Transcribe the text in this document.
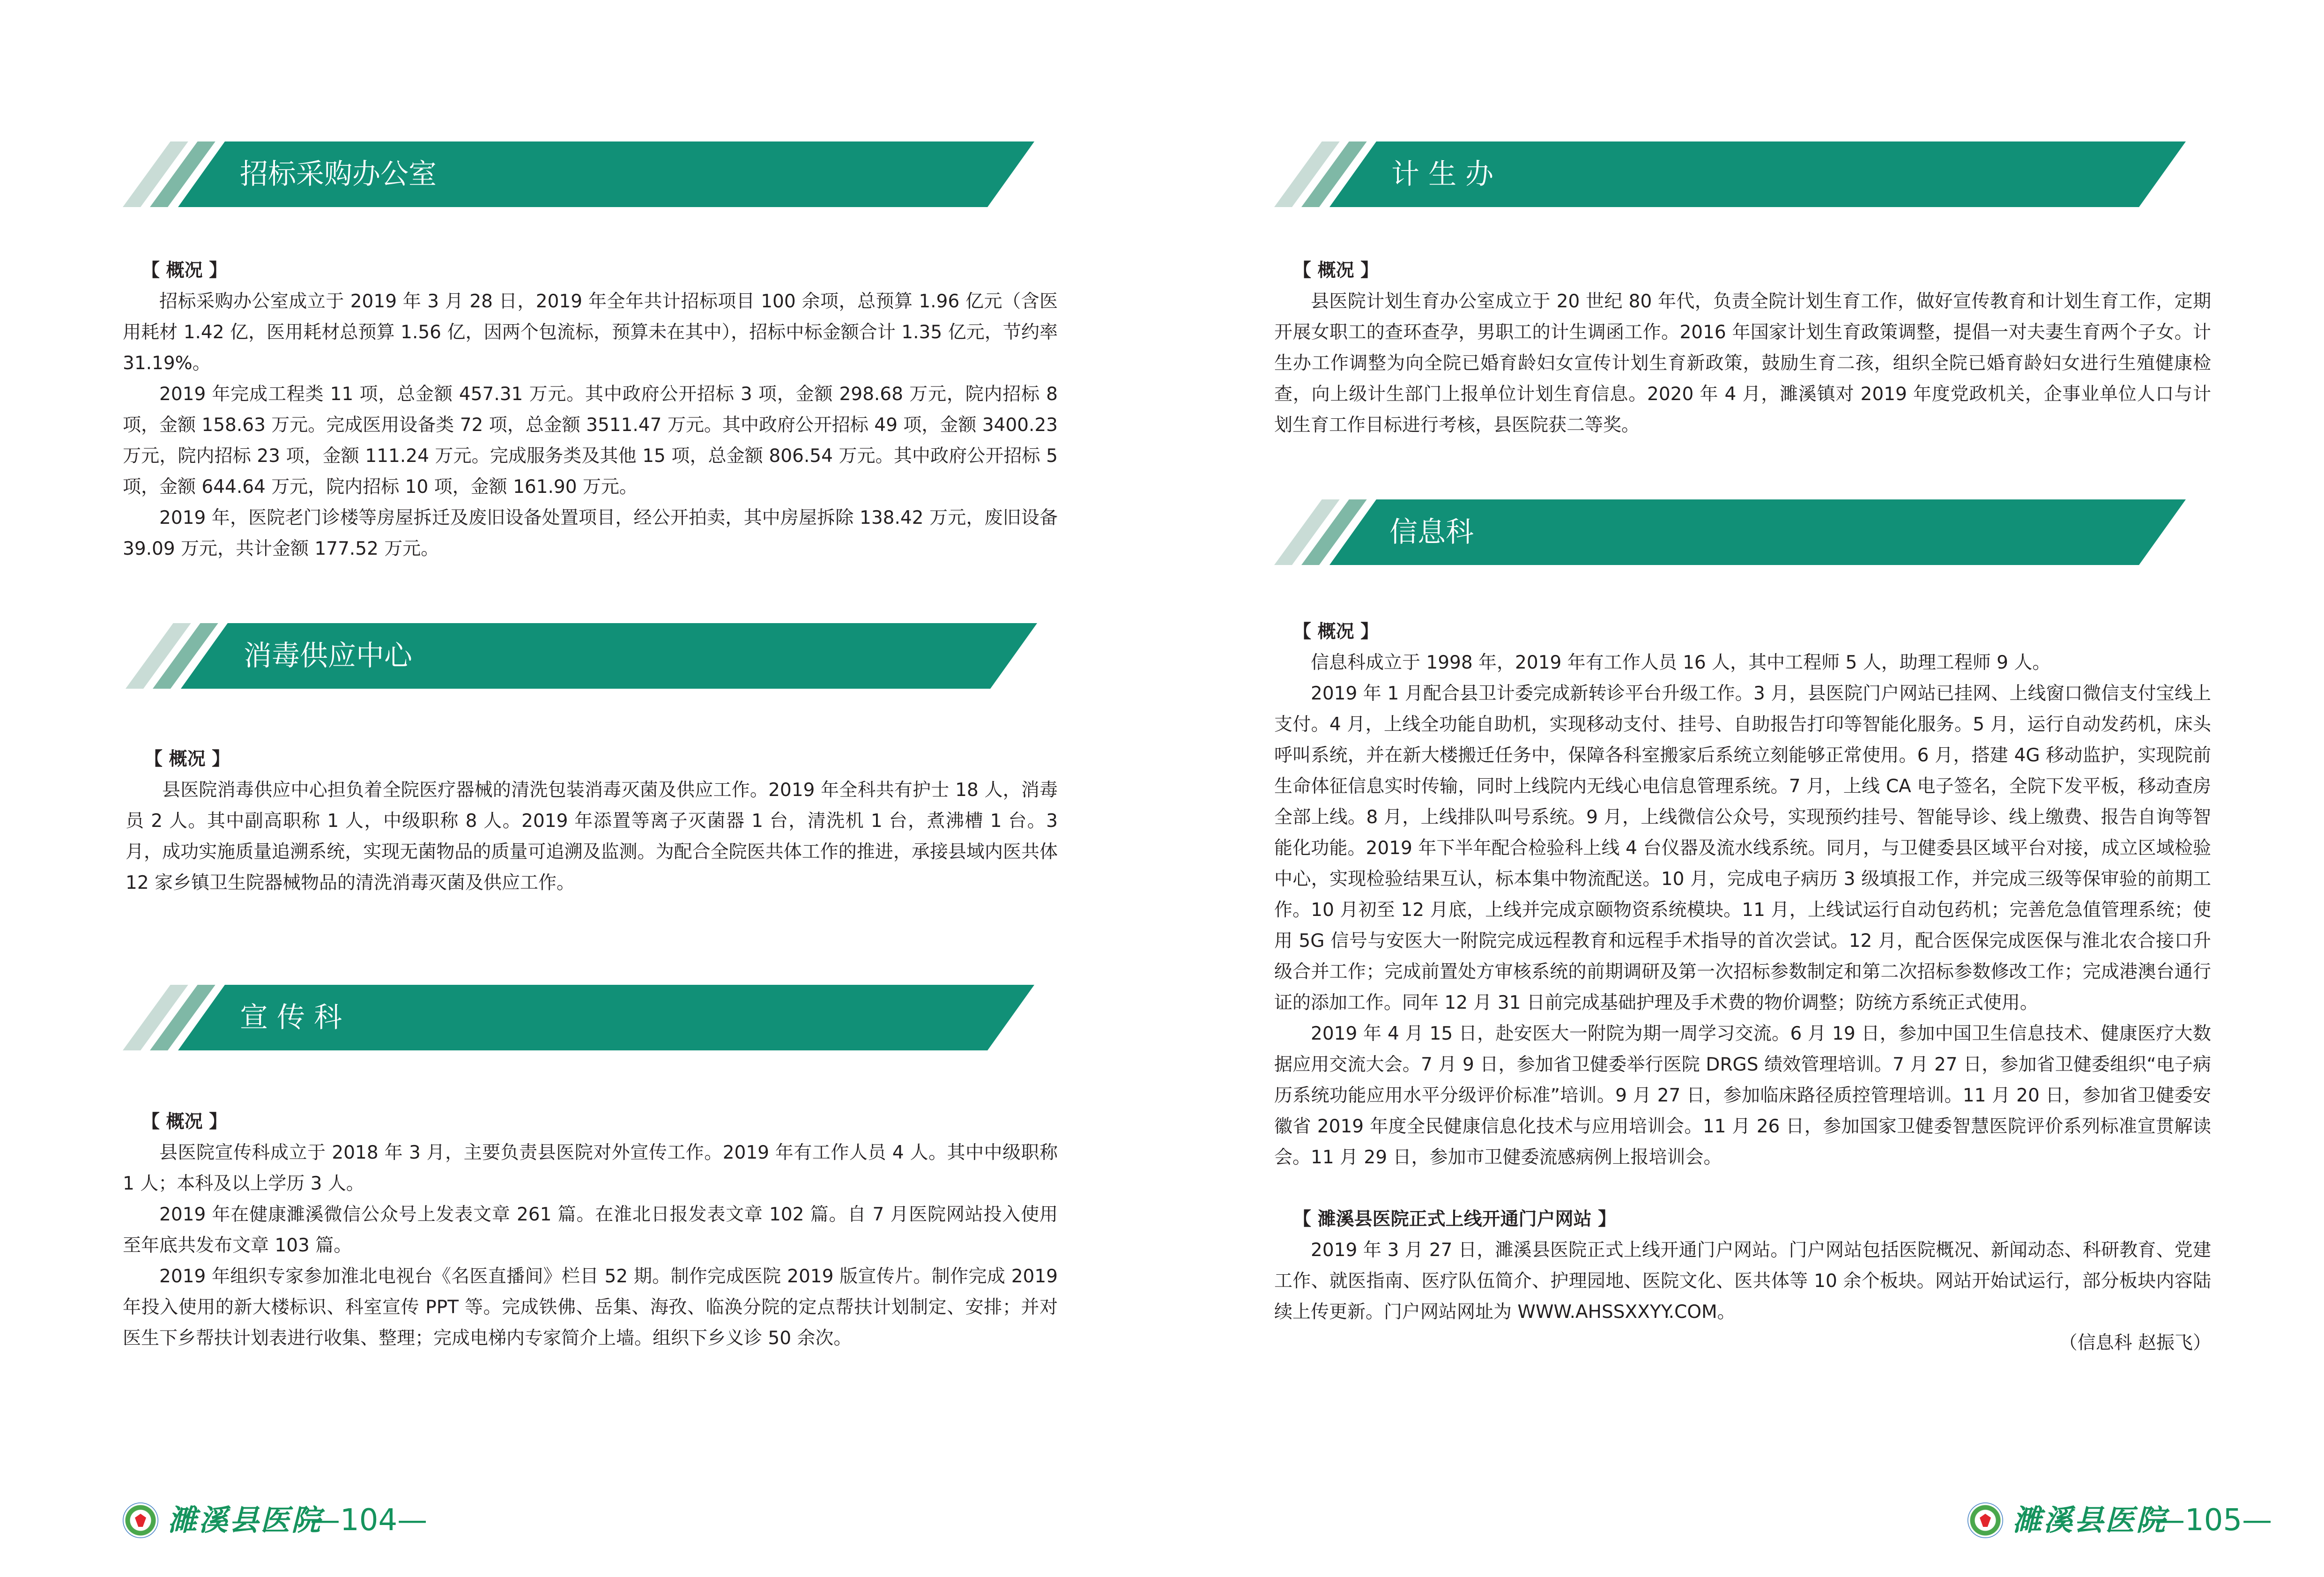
招标采购办公室

【 概况 】

招标采购办公室成立于 2019 年 3 月 28 日，2019 年全年共计招标项目 100 余项，总预算 1.96 亿元（含医用耗材 1.42 亿，医用耗材总预算 1.56 亿，因两个包流标，预算未在其中），招标中标金额合计 1.35 亿元，节约率 31.19%。

2019 年完成工程类 11 项，总金额 457.31 万元。其中政府公开招标 3 项，金额 298.68 万元，院内招标 8 项，金额 158.63 万元。完成医用设备类 72 项，总金额 3511.47 万元。其中政府公开招标 49 项，金额 3400.23 万元，院内招标 23 项，金额 111.24 万元。完成服务类及其他 15 项，总金额 806.54 万元。其中政府公开招标 5 项，金额 644.64 万元，院内招标 10 项，金额 161.90 万元。

2019 年，医院老门诊楼等房屋拆迁及废旧设备处置项目，经公开拍卖，其中房屋拆除 138.42 万元，废旧设备 39.09 万元，共计金额 177.52 万元。

消毒供应中心

【 概况 】

县医院消毒供应中心担负着全院医疗器械的清洗包装消毒灭菌及供应工作。2019 年全科共有护士 18 人，消毒员 2 人。其中副高职称 1 人，中级职称 8 人。2019 年添置等离子灭菌器 1 台，清洗机 1 台，煮沸槽 1 台。3 月，成功实施质量追溯系统，实现无菌物品的质量可追溯及监测。为配合全院医共体工作的推进，承接县域内医共体 12 家乡镇卫生院器械物品的清洗消毒灭菌及供应工作。

宣 传 科

【 概况 】

县医院宣传科成立于 2018 年 3 月，主要负责县医院对外宣传工作。2019 年有工作人员 4 人。其中中级职称 1 人；本科及以上学历 3 人。

2019 年在健康濉溪微信公众号上发表文章 261 篇。在淮北日报发表文章 102 篇。自 7 月医院网站投入使用至年底共发布文章 103 篇。

2019 年组织专家参加淮北电视台《名医直播间》栏目 52 期。制作完成医院 2019 版宣传片。制作完成 2019 年投入使用的新大楼标识、科室宣传 PPT 等。完成铁佛、岳集、海孜、临涣分院的定点帮扶计划制定、安排；并对医生下乡帮扶计划表进行收集、整理；完成电梯内专家简介上墙。组织下乡义诊 50 余次。

濉溪县医院
—104—
计 生 办

【 概况 】

县医院计划生育办公室成立于 20 世纪 80 年代，负责全院计划生育工作，做好宣传教育和计划生育工作，定期开展女职工的查环查孕，男职工的计生调函工作。2016 年国家计划生育政策调整，提倡一对夫妻生育两个子女。计生办工作调整为向全院已婚育龄妇女宣传计划生育新政策，鼓励生育二孩，组织全院已婚育龄妇女进行生殖健康检查，向上级计生部门上报单位计划生育信息。2020 年 4 月，濉溪镇对 2019 年度党政机关，企事业单位人口与计划生育工作目标进行考核，县医院获二等奖。

信息科

【 概况 】

信息科成立于 1998 年，2019 年有工作人员 16 人，其中工程师 5 人，助理工程师 9 人。

2019 年 1 月配合县卫计委完成新转诊平台升级工作。3 月，县医院门户网站已挂网、上线窗口微信支付宝线上支付。4 月，上线全功能自助机，实现移动支付、挂号、自助报告打印等智能化服务。5 月，运行自动发药机，床头呼叫系统，并在新大楼搬迁任务中，保障各科室搬家后系统立刻能够正常使用。6 月，搭建 4G 移动监护，实现院前生命体征信息实时传输，同时上线院内无线心电信息管理系统。7 月，上线 CA 电子签名，全院下发平板，移动查房全部上线。8 月，上线排队叫号系统。9 月，上线微信公众号，实现预约挂号、智能导诊、线上缴费、报告自询等智能化功能。2019 年下半年配合检验科上线 4 台仪器及流水线系统。同月，与卫健委县区域平台对接，成立区域检验中心，实现检验结果互认，标本集中物流配送。10 月，完成电子病历 3 级填报工作，并完成三级等保审验的前期工作。10 月初至 12 月底，上线并完成京颐物资系统模块。11 月，上线试运行自动包药机；完善危急值管理系统；使用 5G 信号与安医大一附院完成远程教育和远程手术指导的首次尝试。12 月，配合医保完成医保与淮北农合接口升级合并工作；完成前置处方审核系统的前期调研及第一次招标参数制定和第二次招标参数修改工作；完成港澳台通行证的添加工作。同年 12 月 31 日前完成基础护理及手术费的物价调整；防统方系统正式使用。

2019 年 4 月 15 日，赴安医大一附院为期一周学习交流。6 月 19 日，参加中国卫生信息技术、健康医疗大数据应用交流大会。7 月 9 日，参加省卫健委举行医院 DRGS 绩效管理培训。7 月 27 日，参加省卫健委组织“电子病历系统功能应用水平分级评价标准”培训。9 月 27 日，参加临床路径质控管理培训。11 月 20 日，参加省卫健委安徽省 2019 年度全民健康信息化技术与应用培训会。11 月 26 日，参加国家卫健委智慧医院评价系列标准宣贯解读会。11 月 29 日，参加市卫健委流感病例上报培训会。

【 濉溪县医院正式上线开通门户网站 】

2019 年 3 月 27 日，濉溪县医院正式上线开通门户网站。门户网站包括医院概况、新闻动态、科研教育、党建工作、就医指南、医疗队伍简介、护理园地、医院文化、医共体等 10 余个板块。网站开始试运行，部分板块内容陆续上传更新。门户网站网址为 WWW.AHSSXXYY.COM。

（信息科 赵振飞）

濉溪县医院
—105—
